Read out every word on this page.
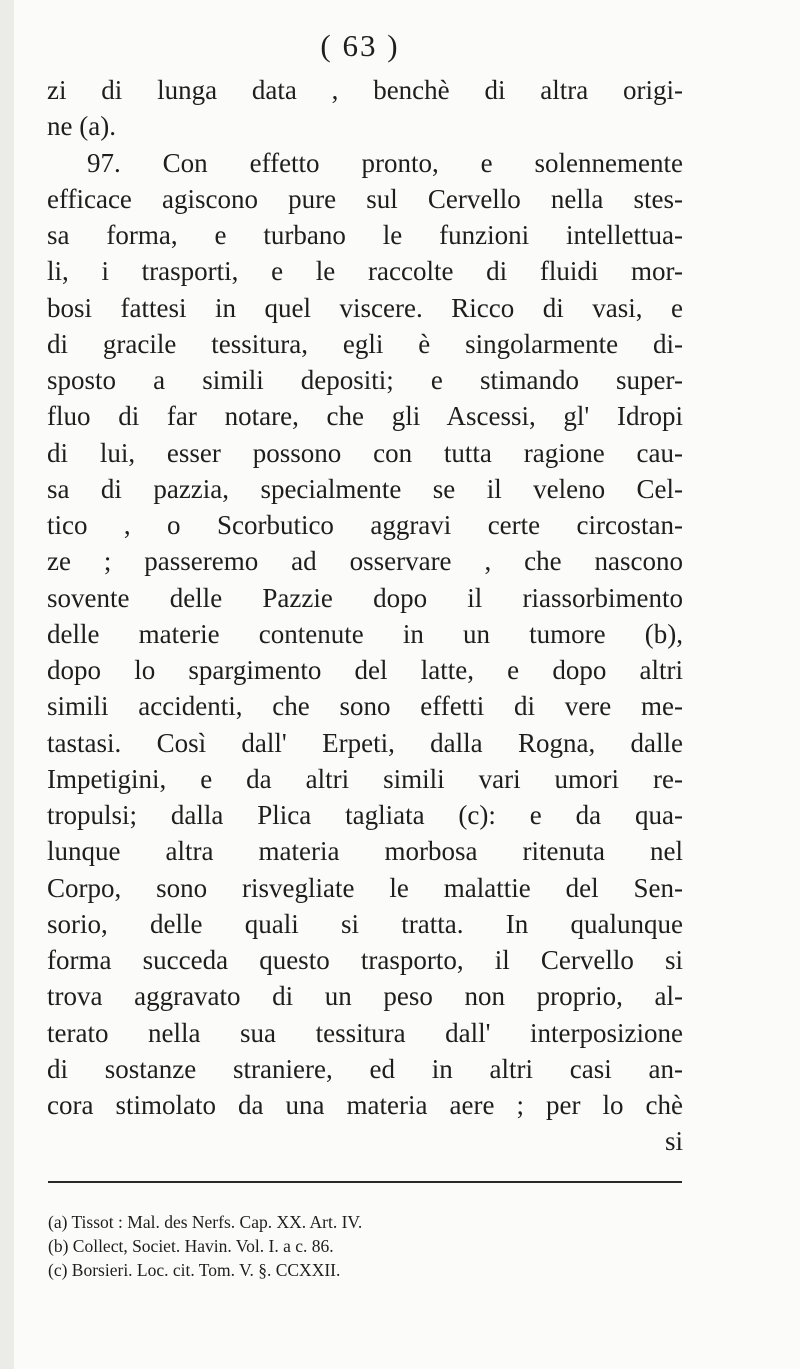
( 63 )
zi di lunga data , benchè di altra origi-
ne (a).
97. Con effetto pronto, e solennemente
efficace agiscono pure sul Cervello nella stes-
sa forma, e turbano le funzioni intellettua-
li, i trasporti, e le raccolte di fluidi mor-
bosi fattesi in quel viscere. Ricco di vasi, e
di gracile tessitura, egli è singolarmente di-
sposto a simili depositi; e stimando super-
fluo di far notare, che gli Ascessi, gl' Idropi
di lui, esser possono con tutta ragione cau-
sa di pazzia, specialmente se il veleno Cel-
tico , o Scorbutico aggravi certe circostan-
ze ; passeremo ad osservare , che nascono
sovente delle Pazzie dopo il riassorbimento
delle materie contenute in un tumore (b),
dopo lo spargimento del latte, e dopo altri
simili accidenti, che sono effetti di vere me-
tastasi. Così dall' Erpeti, dalla Rogna, dalle
Impetigini, e da altri simili vari umori re-
tropulsi; dalla Plica tagliata (c): e da qua-
lunque altra materia morbosa ritenuta nel
Corpo, sono risvegliate le malattie del Sen-
sorio, delle quali si tratta. In qualunque
forma succeda questo trasporto, il Cervello si
trova aggravato di un peso non proprio, al-
terato nella sua tessitura dall' interposizione
di sostanze straniere, ed in altri casi an-
cora stimolato da una materia aere ; per lo chè
si
(a) Tissot : Mal. des Nerfs. Cap. XX. Art. IV.
(b) Collect, Societ. Havin. Vol. I. a c. 86.
(c) Borsieri. Loc. cit. Tom. V. §. CCXXII.
